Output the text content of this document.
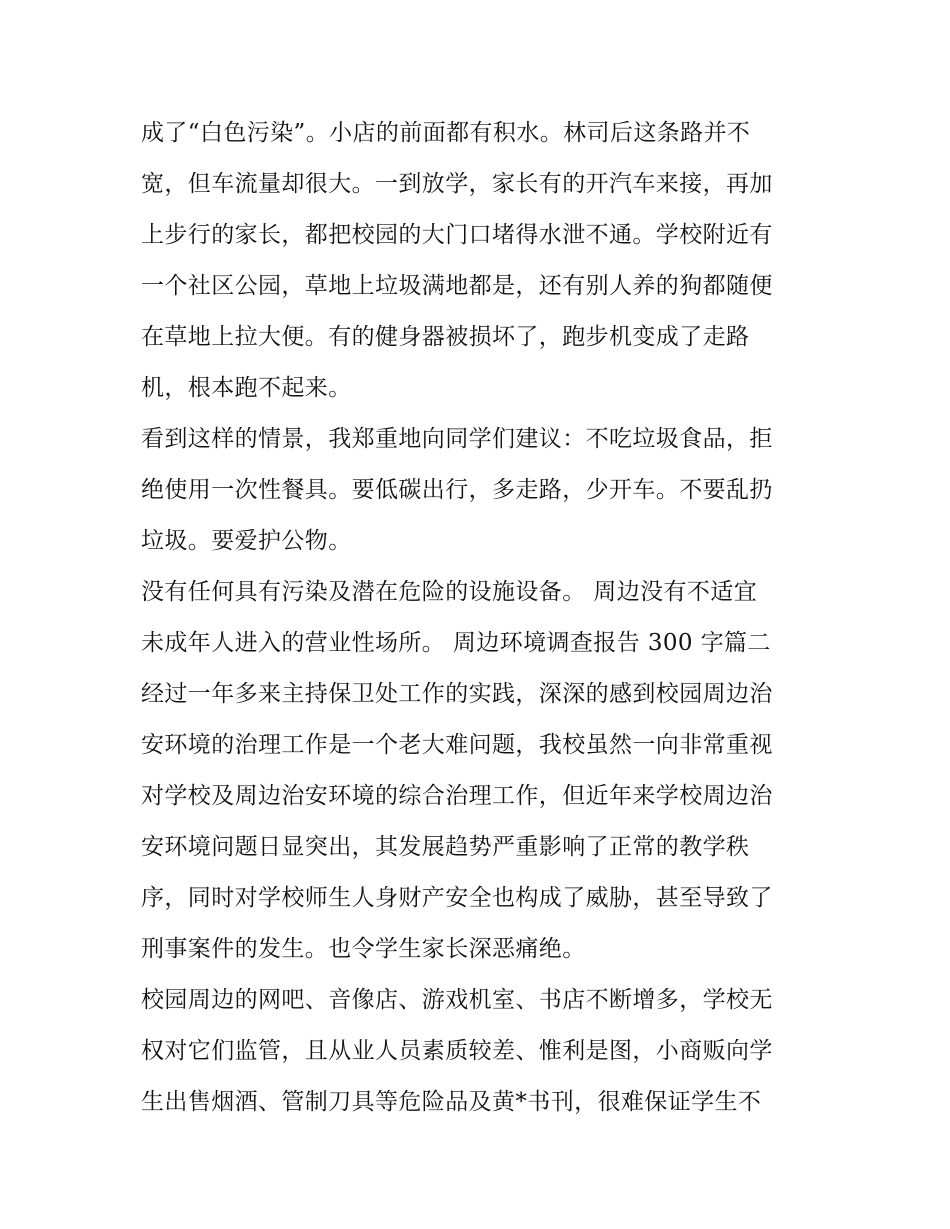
成了“白色污染”。小店的前面都有积水。林司后这条路并不
宽，但车流量却很大。一到放学，家长有的开汽车来接，再加
上步行的家长，都把校园的大门口堵得水泄不通。学校附近有
一个社区公园，草地上垃圾满地都是，还有别人养的狗都随便
在草地上拉大便。有的健身器被损坏了，跑步机变成了走路
机，根本跑不起来。
看到这样的情景，我郑重地向同学们建议：不吃垃圾食品，拒
绝使用一次性餐具。要低碳出行，多走路，少开车。不要乱扔
垃圾。要爱护公物。
没有任何具有污染及潜在危险的设施设备。 周边没有不适宜
未成年人进入的营业性场所。 周边环境调查报告 300 字篇二
经过一年多来主持保卫处工作的实践，深深的感到校园周边治
安环境的治理工作是一个老大难问题，我校虽然一向非常重视
对学校及周边治安环境的综合治理工作，但近年来学校周边治
安环境问题日显突出，其发展趋势严重影响了正常的教学秩
序，同时对学校师生人身财产安全也构成了威胁，甚至导致了
刑事案件的发生。也令学生家长深恶痛绝。
校园周边的网吧、音像店、游戏机室、书店不断增多，学校无
权对它们监管，且从业人员素质较差、惟利是图，小商贩向学
生出售烟酒、管制刀具等危险品及黄*书刊，很难保证学生不
